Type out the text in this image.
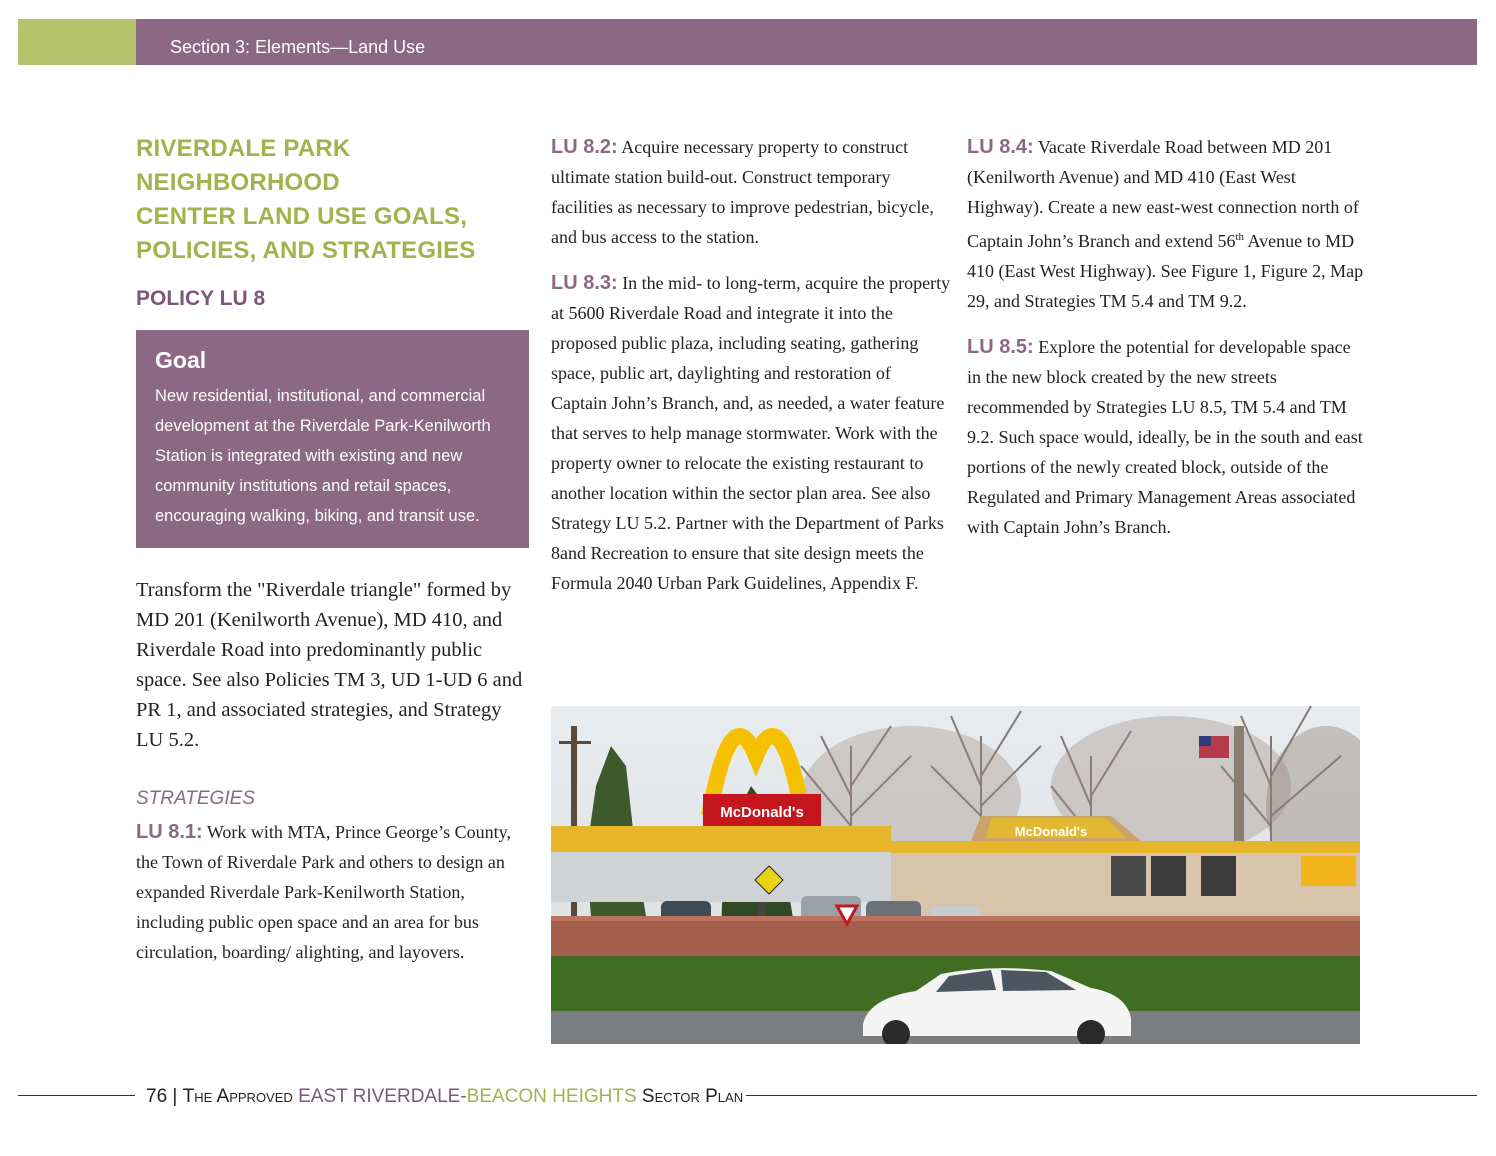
Section 3: Elements—Land Use
RIVERDALE PARK NEIGHBORHOOD
CENTER LAND USE GOALS,
POLICIES, AND STRATEGIES
POLICY LU 8
Goal

New residential, institutional, and commercial development at the Riverdale Park-Kenilworth Station is integrated with existing and new community institutions and retail spaces, encouraging walking, biking, and transit use.

Transform the "Riverdale triangle" formed by MD 201 (Kenilworth Avenue), MD 410, and Riverdale Road into predominantly public space. See also Policies TM 3, UD 1-UD 6 and PR 1, and associated strategies, and Strategy LU 5.2.

STRATEGIES

LU 8.1: Work with MTA, Prince George’s County, the Town of Riverdale Park and others to design an expanded Riverdale Park-Kenilworth Station, including public open space and an area for bus circulation, boarding/ alighting, and layovers.

LU 8.2: Acquire necessary property to construct ultimate station build-out. Construct temporary facilities as necessary to improve pedestrian, bicycle, and bus access to the station.

LU 8.3: In the mid- to long-term, acquire the property at 5600 Riverdale Road and integrate it into the proposed public plaza, including seating, gathering space, public art, daylighting and restoration of Captain John’s Branch, and, as needed, a water feature that serves to help manage stormwater. Work with the property owner to relocate the existing restaurant to another location within the sector plan area. See also Strategy LU 5.2. Partner with the Department of Parks 8and Recreation to ensure that site design meets the Formula 2040 Urban Park Guidelines, Appendix F.

LU 8.4: Vacate Riverdale Road between MD 201 (Kenilworth Avenue) and MD 410 (East West Highway). Create a new east-west connection north of Captain John’s Branch and extend 56th Avenue to MD 410 (East West Highway). See Figure 1, Figure 2, Map 29, and Strategies TM 5.4 and TM 9.2.

LU 8.5: Explore the potential for developable space in the new block created by the new streets recommended by Strategies LU 8.5, TM 5.4 and TM 9.2. Such space would, ideally, be in the south and east portions of the newly created block, outside of the Regulated and Primary Management Areas associated with Captain John’s Branch.

McDonald's
McDonald's
76 | The Approved EAST RIVERDALE-BEACON HEIGHTS Sector Plan
